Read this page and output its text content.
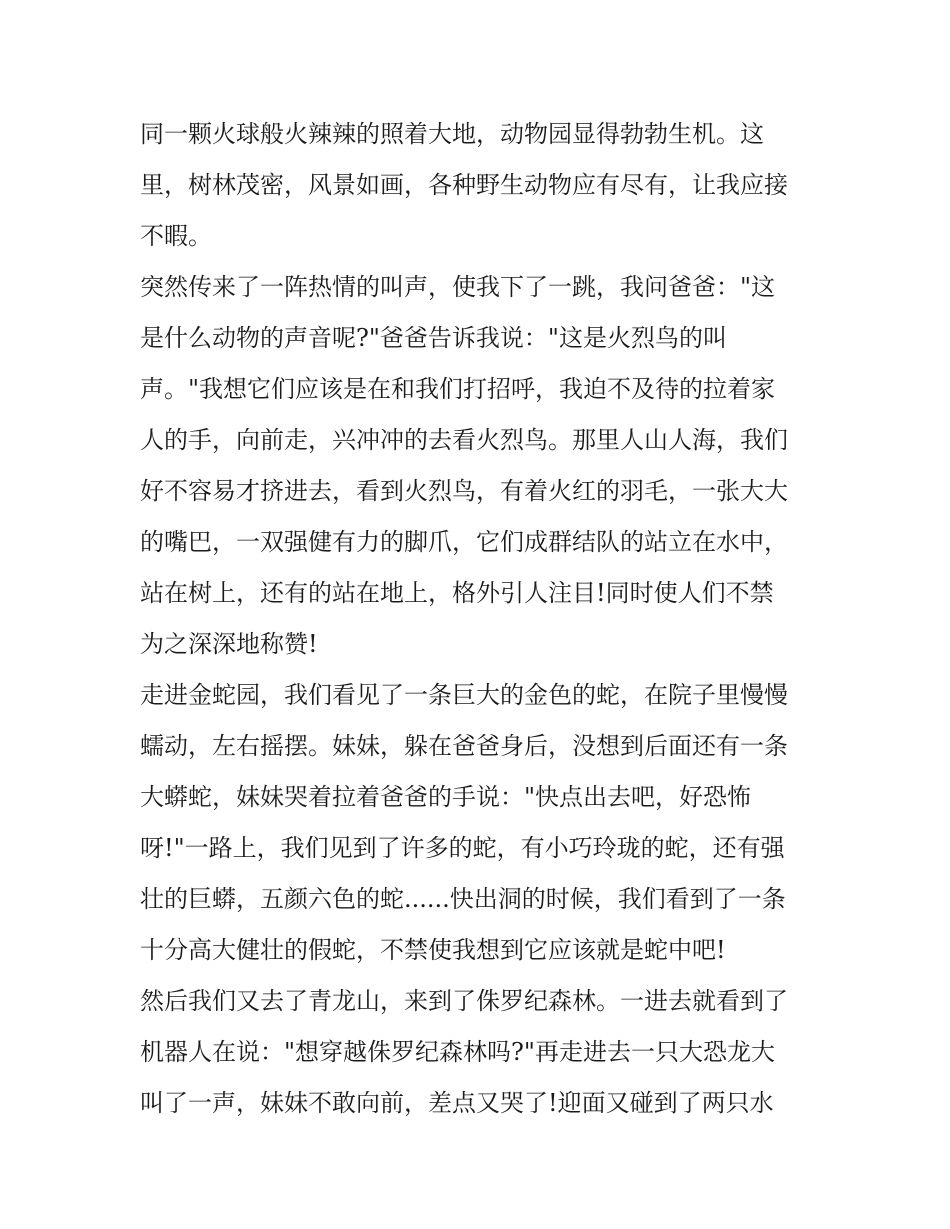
同一颗火球般火辣辣的照着大地，动物园显得勃勃生机。这
里，树林茂密，风景如画，各种野生动物应有尽有，让我应接
不暇。
突然传来了一阵热情的叫声，使我下了一跳，我问爸爸："这
是什么动物的声音呢?"爸爸告诉我说："这是火烈鸟的叫
声。"我想它们应该是在和我们打招呼，我迫不及待的拉着家
人的手，向前走，兴冲冲的去看火烈鸟。那里人山人海，我们
好不容易才挤进去，看到火烈鸟，有着火红的羽毛，一张大大
的嘴巴，一双强健有力的脚爪，它们成群结队的站立在水中，
站在树上，还有的站在地上，格外引人注目!同时使人们不禁
为之深深地称赞!
走进金蛇园，我们看见了一条巨大的金色的蛇，在院子里慢慢
蠕动，左右摇摆。妹妹，躲在爸爸身后，没想到后面还有一条
大蟒蛇，妹妹哭着拉着爸爸的手说："快点出去吧，好恐怖
呀!"一路上，我们见到了许多的蛇，有小巧玲珑的蛇，还有强
壮的巨蟒，五颜六色的蛇......快出洞的时候，我们看到了一条
十分高大健壮的假蛇，不禁使我想到它应该就是蛇中吧!
然后我们又去了青龙山，来到了侏罗纪森林。一进去就看到了
机器人在说："想穿越侏罗纪森林吗?"再走进去一只大恐龙大
叫了一声，妹妹不敢向前，差点又哭了!迎面又碰到了两只水
